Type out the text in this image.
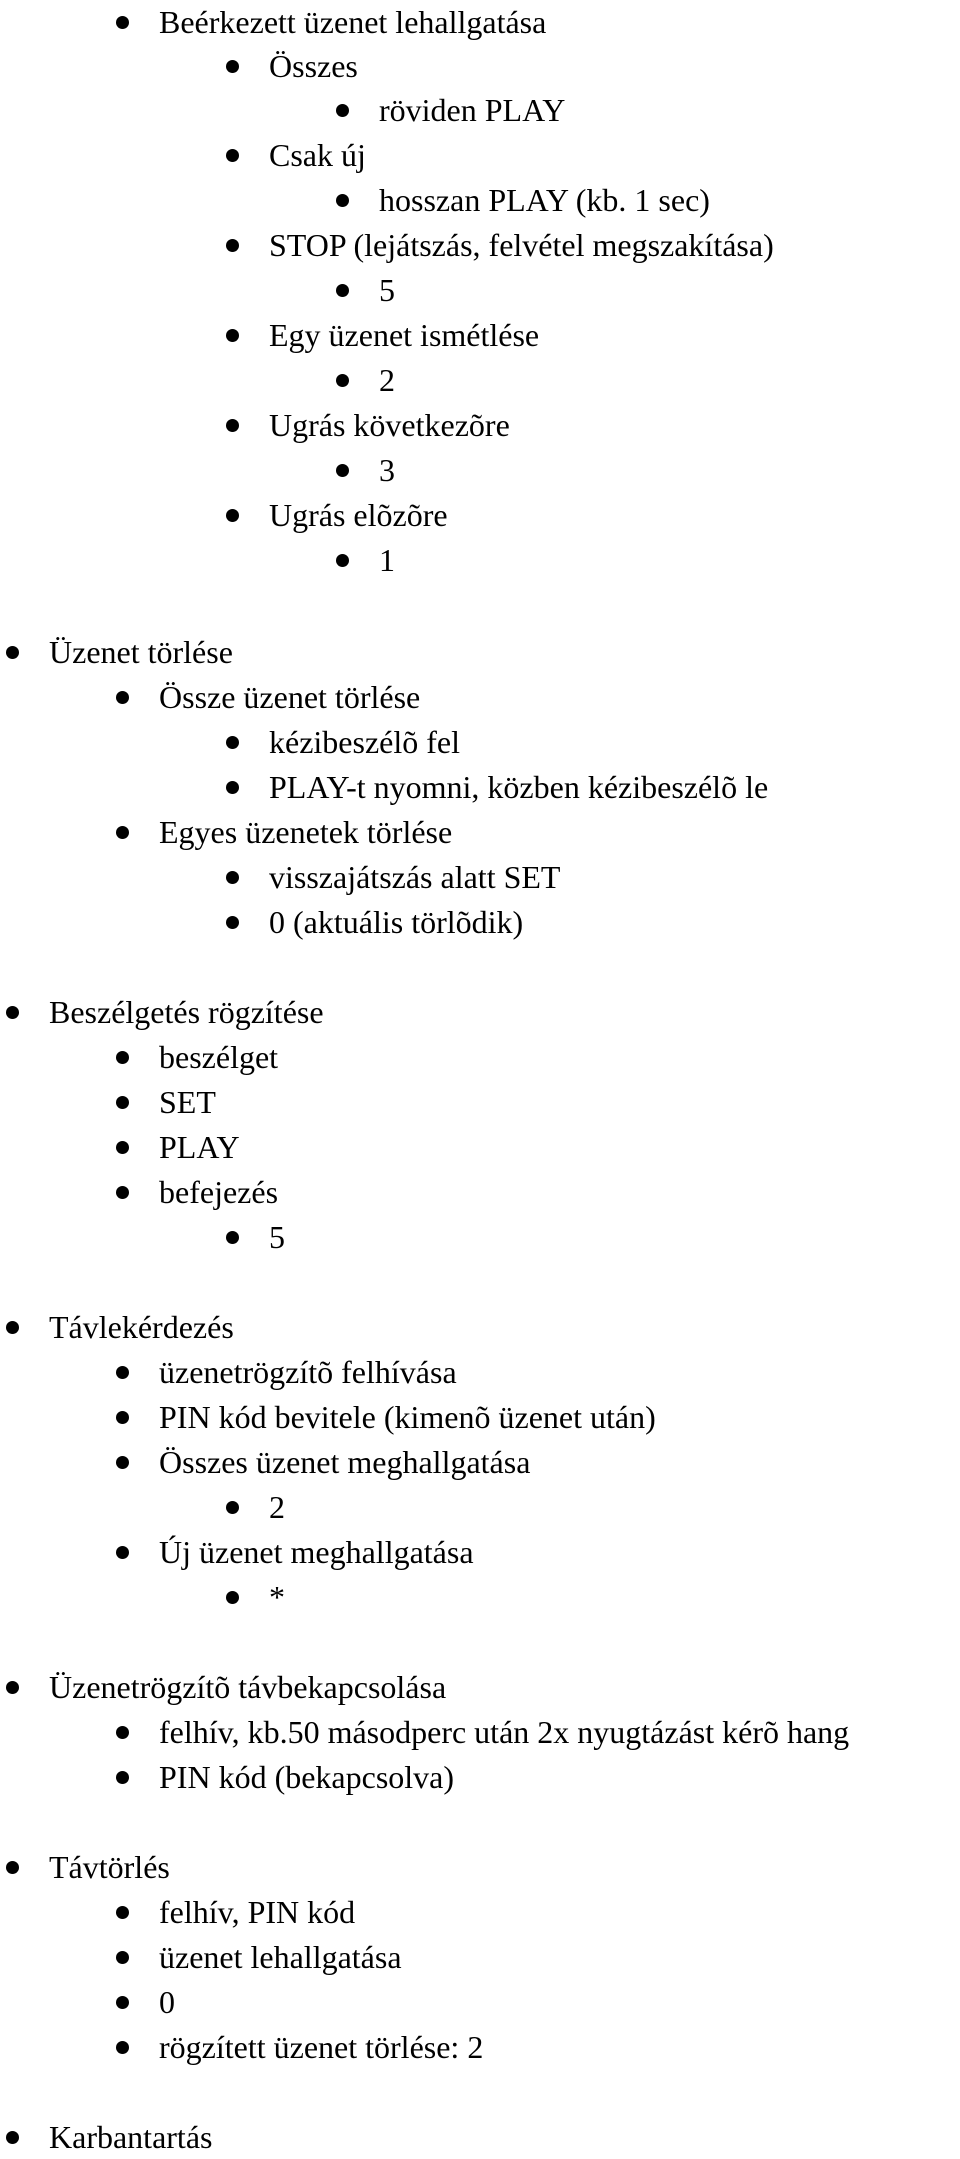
Beérkezett üzenet lehallgatása
Összes
röviden PLAY
Csak új
hosszan PLAY (kb. 1 sec)
STOP (lejátszás, felvétel megszakítása)
5
Egy üzenet ismétlése
2
Ugrás következõre
3
Ugrás elõzõre
1
Üzenet törlése
Össze üzenet törlése
kézibeszélõ fel
PLAY-t nyomni, közben kézibeszélõ le
Egyes üzenetek törlése
visszajátszás alatt SET
0 (aktuális törlõdik)
Beszélgetés rögzítése
beszélget
SET
PLAY
befejezés
5
Távlekérdezés
üzenetrögzítõ felhívása
PIN kód bevitele (kimenõ üzenet után)
Összes üzenet meghallgatása
2
Új üzenet meghallgatása
*
Üzenetrögzítõ távbekapcsolása
felhív, kb.50 másodperc után 2x nyugtázást kérõ hang
PIN kód (bekapcsolva)
Távtörlés
felhív, PIN kód
üzenet lehallgatása
0
rögzített üzenet törlése: 2
Karbantartás
